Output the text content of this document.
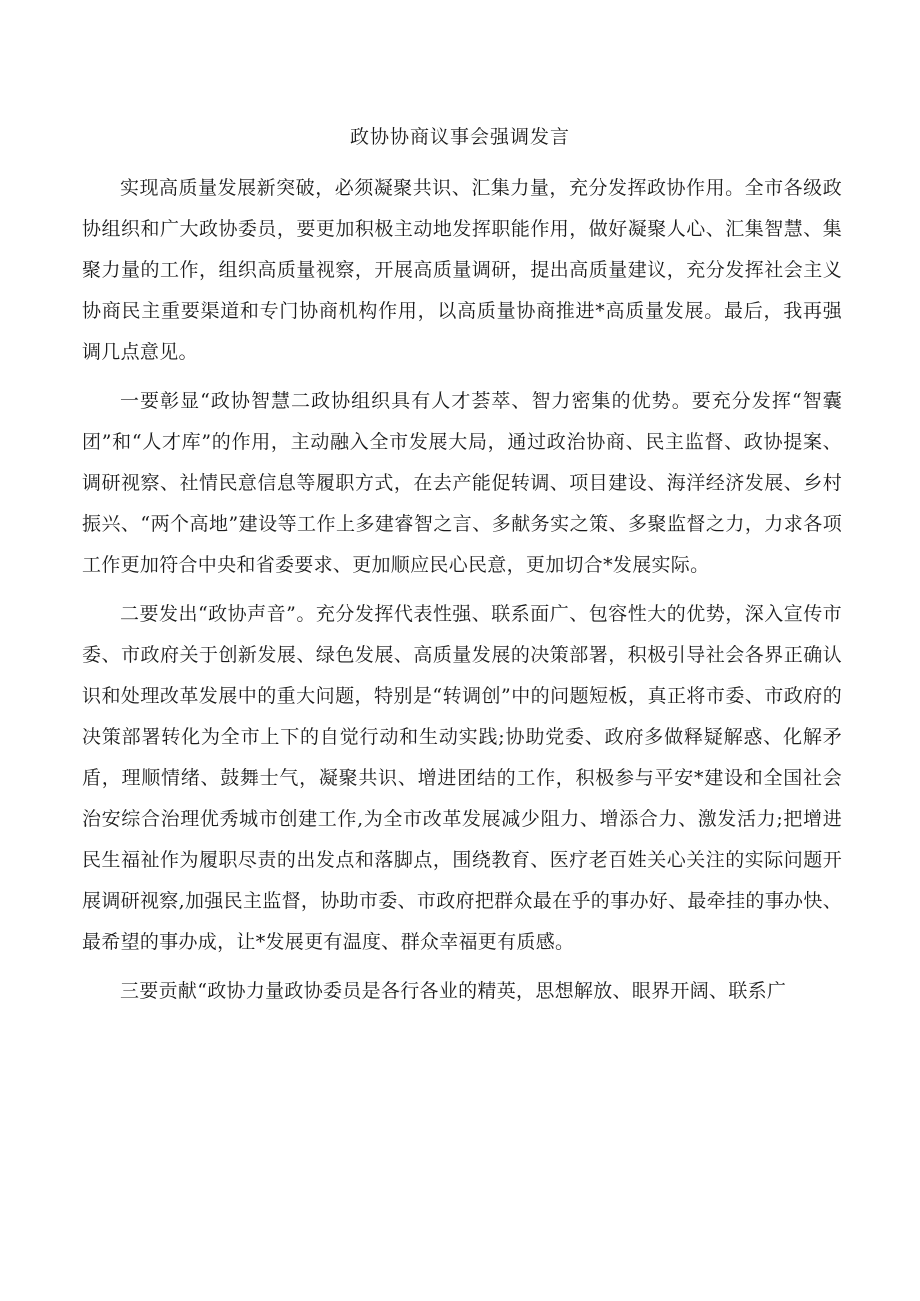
政协协商议事会强调发言

实现高质量发展新突破，必须凝聚共识、汇集力量，充分发挥政协作用。全市各级政协组织和广大政协委员，要更加积极主动地发挥职能作用，做好凝聚人心、汇集智慧、集聚力量的工作，组织高质量视察，开展高质量调研，提出高质量建议，充分发挥社会主义协商民主重要渠道和专门协商机构作用，以高质量协商推进*高质量发展。最后，我再强调几点意见。

一要彰显“政协智慧二政协组织具有人才荟萃、智力密集的优势。要充分发挥“智囊团”和“人才库”的作用，主动融入全市发展大局，通过政治协商、民主监督、政协提案、调研视察、社情民意信息等履职方式，在去产能促转调、项目建设、海洋经济发展、乡村振兴、“两个高地”建设等工作上多建睿智之言、多献务实之策、多聚监督之力，力求各项工作更加符合中央和省委要求、更加顺应民心民意，更加切合*发展实际。

二要发出“政协声音”。充分发挥代表性强、联系面广、包容性大的优势，深入宣传市委、市政府关于创新发展、绿色发展、高质量发展的决策部署，积极引导社会各界正确认识和处理改革发展中的重大问题，特别是“转调创”中的问题短板，真正将市委、市政府的决策部署转化为全市上下的自觉行动和生动实践;协助党委、政府多做释疑解惑、化解矛盾，理顺情绪、鼓舞士气，凝聚共识、增进团结的工作，积极参与平安*建设和全国社会治安综合治理优秀城市创建工作,为全市改革发展减少阻力、增添合力、激发活力;把增进民生福祉作为履职尽责的出发点和落脚点，围绕教育、医疗老百姓关心关注的实际问题开展调研视察,加强民主监督，协助市委、市政府把群众最在乎的事办好、最牵挂的事办快、最希望的事办成，让*发展更有温度、群众幸福更有质感。

三要贡献“政协力量政协委员是各行各业的精英，思想解放、眼界开阔、联系广
